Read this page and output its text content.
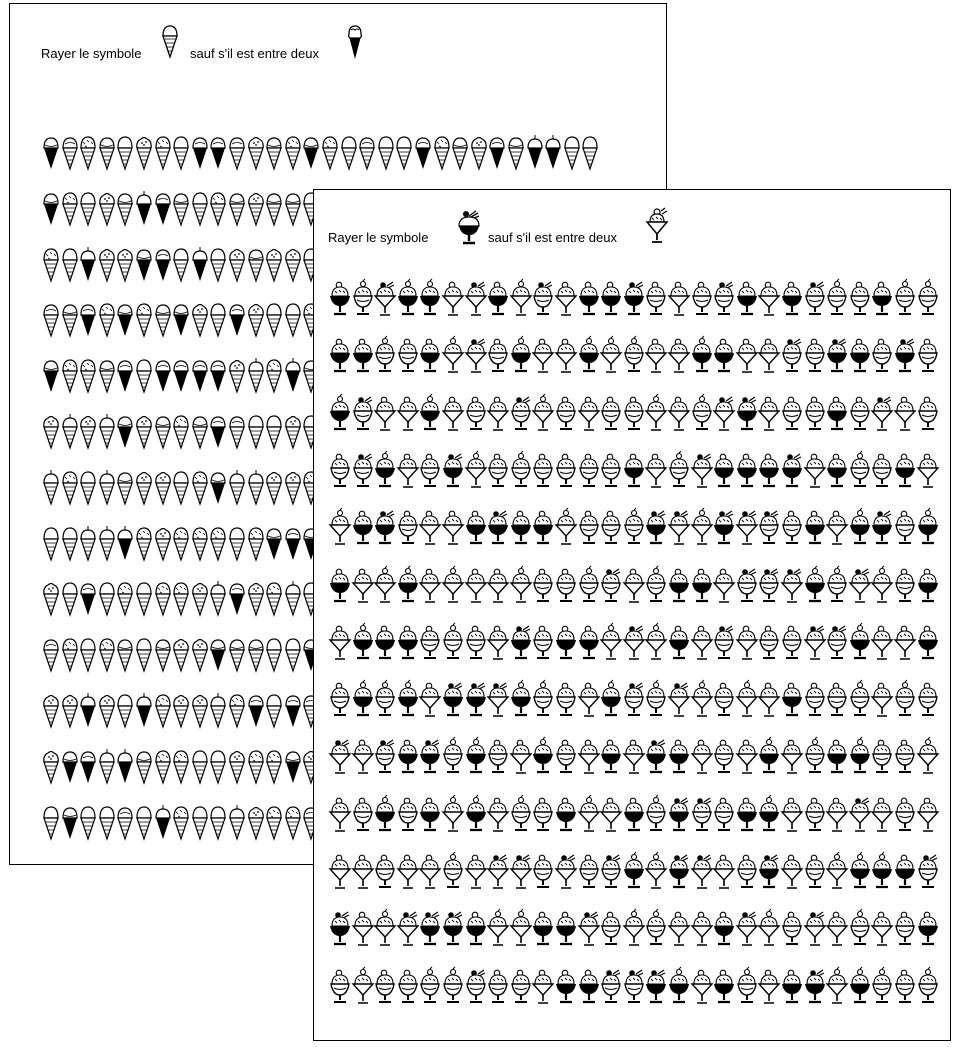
Rayer le symbole	sauf s'il est entre deux
Rayer le symbole	sauf s'il est entre deux
